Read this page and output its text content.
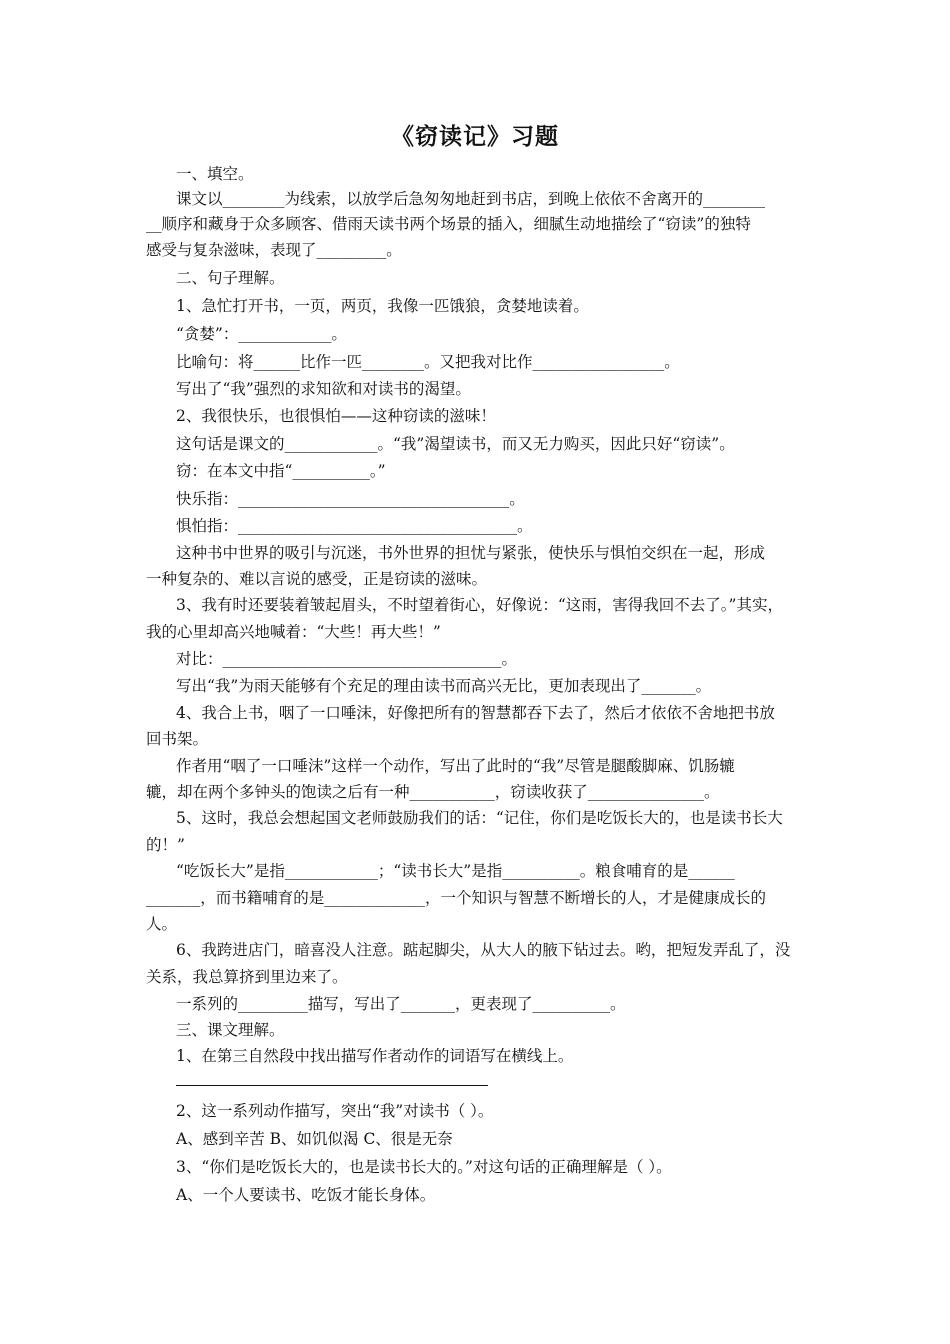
《窃读记》习题
一、填空。
课文以________为线索，以放学后急匆匆地赶到书店，到晚上依依不舍离开的________
__顺序和藏身于众多顾客、借雨天读书两个场景的插入，细腻生动地描绘了“窃读”的独特
感受与复杂滋味，表现了_________。
二、句子理解。
1、急忙打开书，一页，两页，我像一匹饿狼，贪婪地读着。
“贪婪”：____________。
比喻句：将______比作一匹________。又把我对比作_________________。
写出了“我”强烈的求知欲和对读书的渴望。
2、我很快乐，也很惧怕——这种窃读的滋味！
这句话是课文的____________。“我”渴望读书，而又无力购买，因此只好“窃读”。
窃：在本文中指“__________。”
快乐指：___________________________________。
惧怕指：____________________________________。
这种书中世界的吸引与沉迷，书外世界的担忧与紧张，使快乐与惧怕交织在一起，形成
一种复杂的、难以言说的感受，正是窃读的滋味。
3、我有时还要装着皱起眉头，不时望着街心，好像说：“这雨，害得我回不去了。”其实，
我的心里却高兴地喊着：“大些！再大些！”
对比：____________________________________。
写出“我”为雨天能够有个充足的理由读书而高兴无比，更加表现出了_______。
4、我合上书，咽了一口唾沫，好像把所有的智慧都吞下去了，然后才依依不舍地把书放
回书架。
作者用“咽了一口唾沫”这样一个动作，写出了此时的“我”尽管是腿酸脚麻、饥肠辘
辘，却在两个多钟头的饱读之后有一种___________，窃读收获了_______________。
5、这时，我总会想起国文老师鼓励我们的话：“记住，你们是吃饭长大的，也是读书长大
的！”
“吃饭长大”是指____________；“读书长大”是指__________。粮食哺育的是______
_______，而书籍哺育的是_____________，一个知识与智慧不断增长的人，才是健康成长的
人。
6、我跨进店门，暗喜没人注意。踮起脚尖，从大人的腋下钻过去。哟，把短发弄乱了，没
关系，我总算挤到里边来了。
一系列的_________描写，写出了_______，更表现了__________。
三、课文理解。
1、在第三自然段中找出描写作者动作的词语写在横线上。
2、这一系列动作描写，突出“我”对读书（ ）。
A、感到辛苦 B、如饥似渴 C、很是无奈
3、“你们是吃饭长大的，也是读书长大的。”对这句话的正确理解是（ ）。
A、一个人要读书、吃饭才能长身体。
